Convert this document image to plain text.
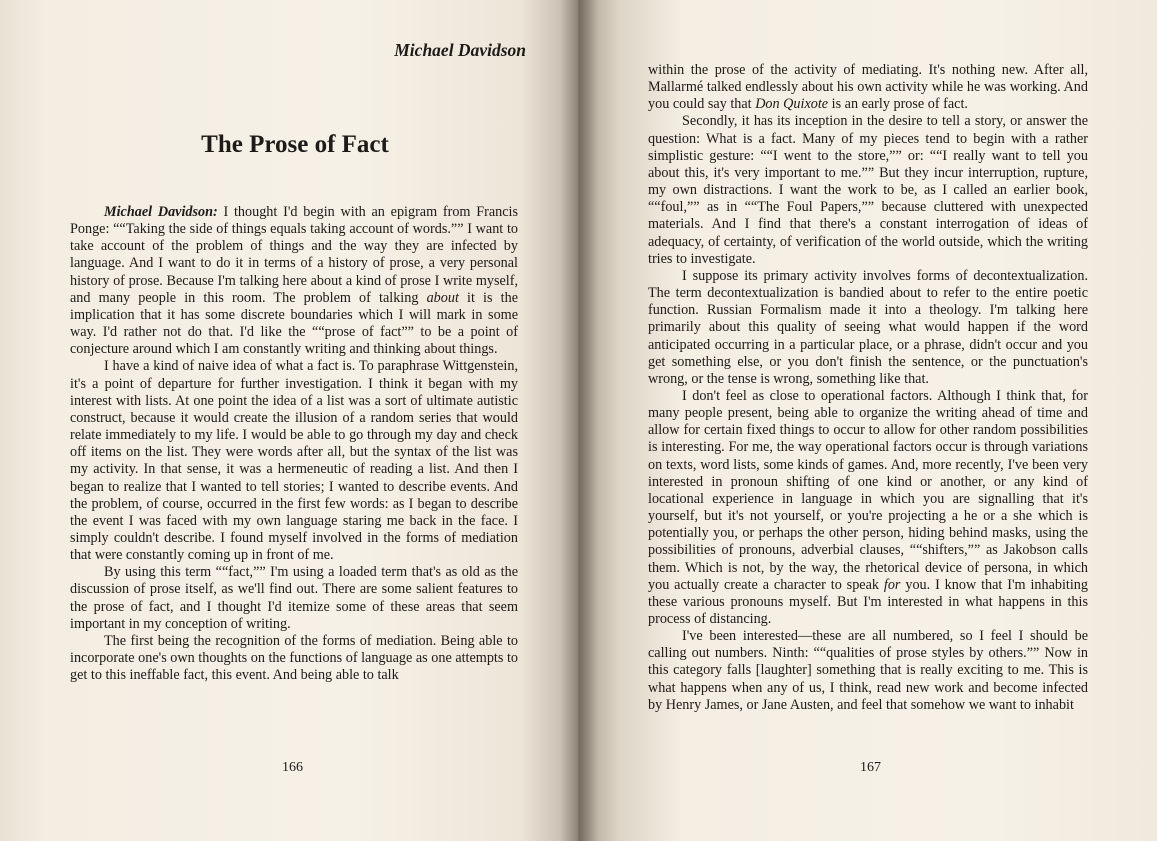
Michael Davidson
The Prose of Fact

Michael Davidson: I thought I'd begin with an epigram from Francis Ponge: ““Taking the side of things equals taking account of words.”” I want to take account of the problem of things and the way they are infected by language. And I want to do it in terms of a history of prose, a very personal history of prose. Because I'm talking here about a kind of prose I write myself, and many people in this room. The problem of talking about it is the implication that it has some discrete boundaries which I will mark in some way. I'd rather not do that. I'd like the ““prose of fact”” to be a point of conjecture around which I am constantly writing and thinking about things.

I have a kind of naive idea of what a fact is. To paraphrase Wittgenstein, it's a point of departure for further investigation. I think it began with my interest with lists. At one point the idea of a list was a sort of ultimate autistic construct, because it would create the illusion of a random series that would relate immediately to my life. I would be able to go through my day and check off items on the list. They were words after all, but the syntax of the list was my activity. In that sense, it was a hermeneutic of reading a list. And then I began to realize that I wanted to tell stories; I wanted to describe events. And the problem, of course, occurred in the first few words: as I began to describe the event I was faced with my own language staring me back in the face. I simply couldn't describe. I found myself involved in the forms of mediation that were constantly coming up in front of me.

By using this term ““fact,”” I'm using a loaded term that's as old as the discussion of prose itself, as we'll find out. There are some salient features to the prose of fact, and I thought I'd itemize some of these areas that seem important in my conception of writing.

The first being the recognition of the forms of mediation. Being able to incorporate one's own thoughts on the functions of language as one attempts to get to this ineffable fact, this event. And being able to talk

166

within the prose of the activity of mediating. It's nothing new. After all, Mallarmé talked endlessly about his own activity while he was working. And you could say that Don Quixote is an early prose of fact.

Secondly, it has its inception in the desire to tell a story, or answer the question: What is a fact. Many of my pieces tend to begin with a rather simplistic gesture: ““I went to the store,”” or: ““I really want to tell you about this, it's very important to me.”” But they incur interruption, rupture, my own distractions. I want the work to be, as I called an earlier book, ““foul,”” as in ““The Foul Papers,”” because cluttered with unexpected materials. And I find that there's a constant interrogation of ideas of adequacy, of certainty, of verification of the world outside, which the writing tries to investigate.

I suppose its primary activity involves forms of decontextualization. The term decontextualization is bandied about to refer to the entire poetic function. Russian Formalism made it into a theology. I'm talking here primarily about this quality of seeing what would happen if the word anticipated occurring in a particular place, or a phrase, didn't occur and you get something else, or you don't finish the sentence, or the punctuation's wrong, or the tense is wrong, something like that.

I don't feel as close to operational factors. Although I think that, for many people present, being able to organize the writing ahead of time and allow for certain fixed things to occur to allow for other random possibilities is interesting. For me, the way operational factors occur is through variations on texts, word lists, some kinds of games. And, more recently, I've been very interested in pronoun shifting of one kind or another, or any kind of locational experience in language in which you are signalling that it's yourself, but it's not yourself, or you're projecting a he or a she which is potentially you, or perhaps the other person, hiding behind masks, using the possibilities of pronouns, adverbial clauses, ““shifters,”” as Jakobson calls them. Which is not, by the way, the rhetorical device of persona, in which you actually create a character to speak for you. I know that I'm inhabiting these various pronouns myself. But I'm interested in what happens in this process of distancing.

I've been interested—these are all numbered, so I feel I should be calling out numbers. Ninth: ““qualities of prose styles by others.”” Now in this category falls [laughter] something that is really exciting to me. This is what happens when any of us, I think, read new work and become infected by Henry James, or Jane Austen, and feel that somehow we want to inhabit

167
